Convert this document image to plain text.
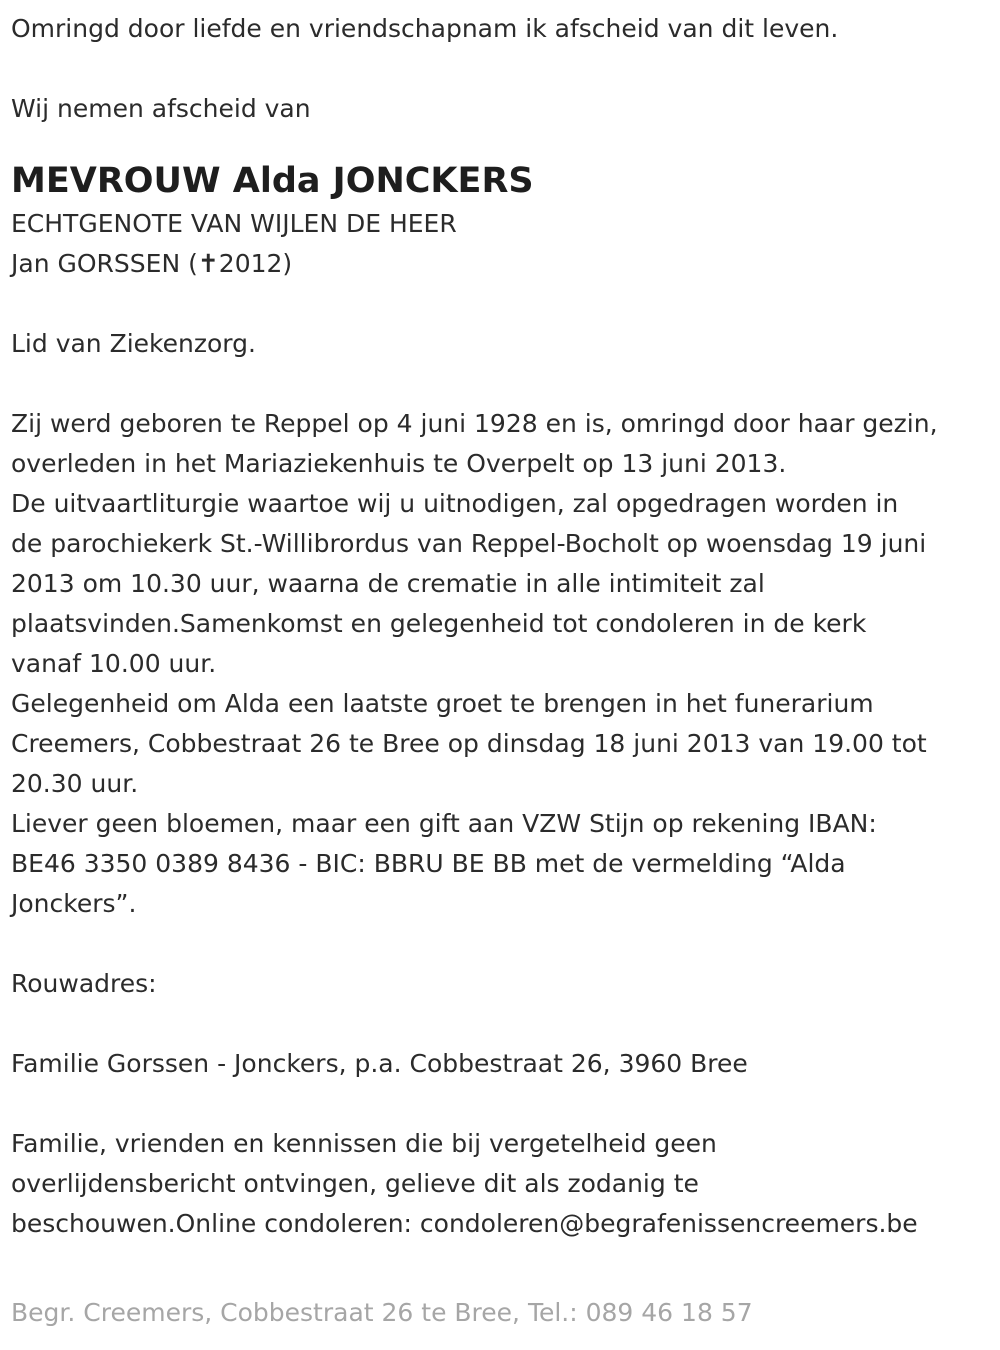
Omringd door liefde en vriendschapnam ik afscheid van dit leven.

Wij nemen afscheid van

MEVROUW Alda JONCKERS

ECHTGENOTE VAN WIJLEN DE HEER

Jan GORSSEN (✝2012)

Lid van Ziekenzorg.

Zij werd geboren te Reppel op 4 juni 1928 en is, omringd door haar gezin,

overleden in het Mariaziekenhuis te Overpelt op 13 juni 2013.

De uitvaartliturgie waartoe wij u uitnodigen, zal opgedragen worden in

de parochiekerk St.-Willibrordus van Reppel-Bocholt op woensdag 19 juni

2013 om 10.30 uur, waarna de crematie in alle intimiteit zal

plaatsvinden.Samenkomst en gelegenheid tot condoleren in de kerk

vanaf 10.00 uur.

Gelegenheid om Alda een laatste groet te brengen in het funerarium

Creemers, Cobbestraat 26 te Bree op dinsdag 18 juni 2013 van 19.00 tot

20.30 uur.

Liever geen bloemen, maar een gift aan VZW Stijn op rekening IBAN:

BE46 3350 0389 8436 - BIC: BBRU BE BB met de vermelding “Alda

Jonckers”.

Rouwadres:

Familie Gorssen - Jonckers, p.a. Cobbestraat 26, 3960 Bree

Familie, vrienden en kennissen die bij vergetelheid geen

overlijdensbericht ontvingen, gelieve dit als zodanig te

beschouwen.Online condoleren: condoleren@begrafenissencreemers.be

Begr. Creemers, Cobbestraat 26 te Bree, Tel.: 089 46 18 57
